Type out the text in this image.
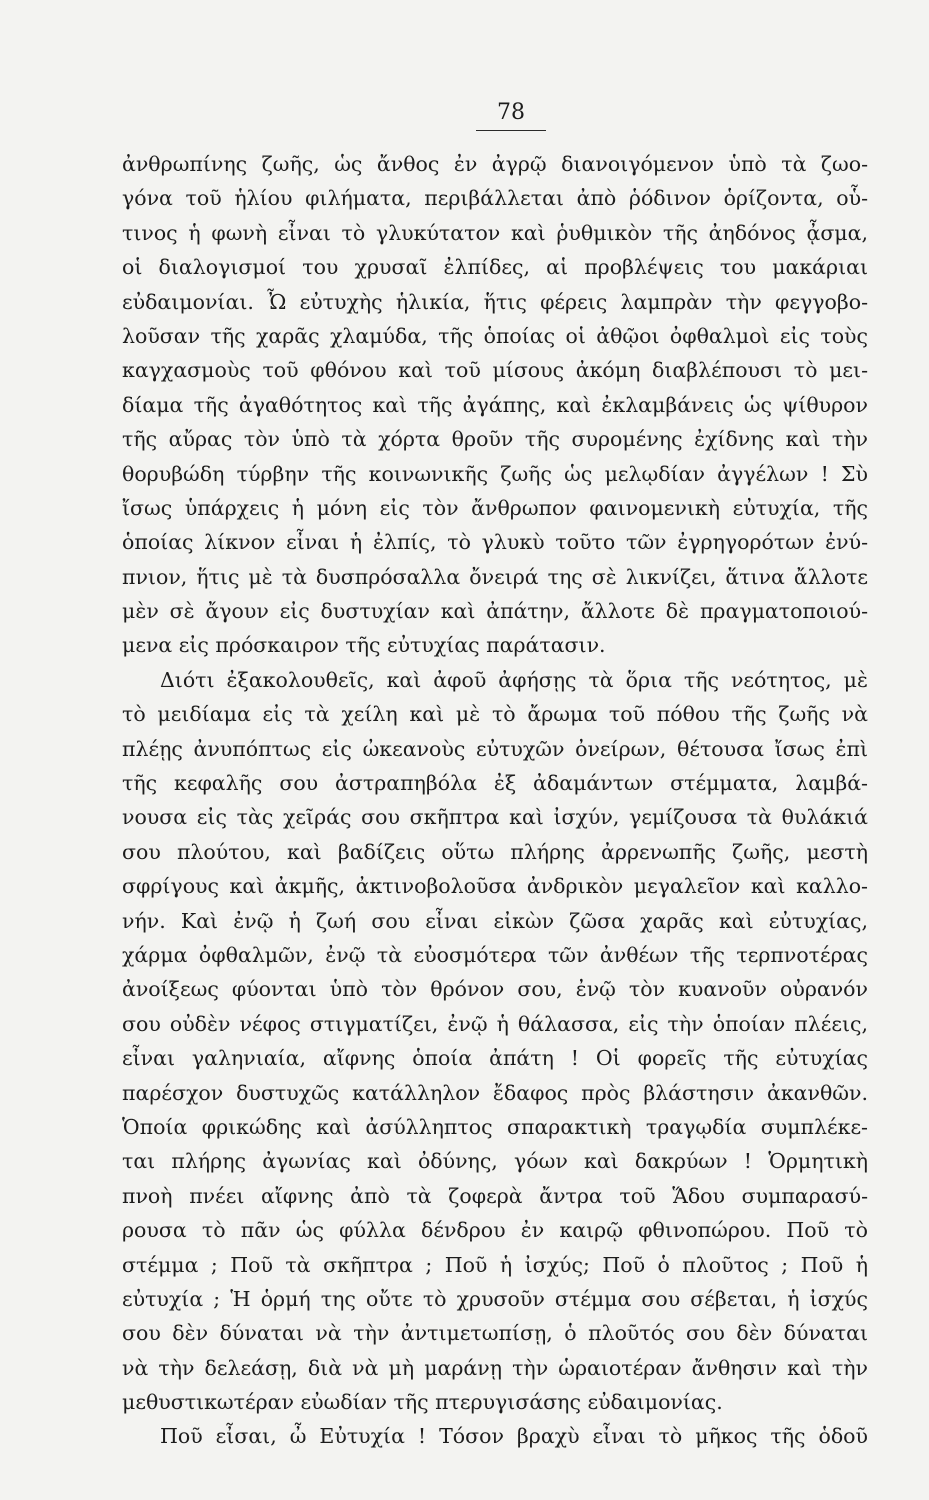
78
ἀνθρωπίνης ζωῆς, ὡς ἄνθος ἐν ἀγρῷ διανοιγόμενον ὑπὸ τὰ ζωο-
γόνα τοῦ ἡλίου φιλήματα, περιβάλλεται ἀπὸ ῥόδινον ὁρίζοντα, οὗ-
τινος ἡ φωνὴ εἶναι τὸ γλυκύτατον καὶ ῥυθμικὸν τῆς ἀηδόνος ᾆσμα,
οἱ διαλογισμοί του χρυσαῖ ἐλπίδες, αἱ προβλέψεις του μακάριαι
εὐδαιμονίαι. Ὦ εὐτυχὴς ἡλικία, ἥτις φέρεις λαμπρὰν τὴν φεγγοβο-
λοῦσαν τῆς χαρᾶς χλαμύδα, τῆς ὁποίας οἱ ἀθῷοι ὀφθαλμοὶ εἰς τοὺς
καγχασμοὺς τοῦ φθόνου καὶ τοῦ μίσους ἀκόμη διαβλέπουσι τὸ μει-
δίαμα τῆς ἀγαθότητος καὶ τῆς ἀγάπης, καὶ ἐκλαμβάνεις ὡς ψίθυρον
τῆς αὔρας τὸν ὑπὸ τὰ χόρτα θροῦν τῆς συρομένης ἐχίδνης καὶ τὴν
θορυβώδη τύρβην τῆς κοινωνικῆς ζωῆς ὡς μελῳδίαν ἀγγέλων ! Σὺ
ἴσως ὑπάρχεις ἡ μόνη εἰς τὸν ἄνθρωπον φαινομενικὴ εὐτυχία, τῆς
ὁποίας λίκνον εἶναι ἡ ἐλπίς, τὸ γλυκὺ τοῦτο τῶν ἐγρηγορότων ἐνύ-
πνιον, ἥτις μὲ τὰ δυσπρόσαλλα ὄνειρά της σὲ λικνίζει, ἅτινα ἄλλοτε
μὲν σὲ ἄγουν εἰς δυστυχίαν καὶ ἀπάτην, ἄλλοτε δὲ πραγματοποιού-
μενα εἰς πρόσκαιρον τῆς εὐτυχίας παράτασιν.
Διότι ἐξακολουθεῖς, καὶ ἀφοῦ ἀφήσῃς τὰ ὅρια τῆς νεότητος, μὲ
τὸ μειδίαμα εἰς τὰ χείλη καὶ μὲ τὸ ἄρωμα τοῦ πόθου τῆς ζωῆς νὰ
πλέῃς ἀνυπόπτως εἰς ὠκεανοὺς εὐτυχῶν ὀνείρων, θέτουσα ἴσως ἐπὶ
τῆς κεφαλῆς σου ἀστραπηβόλα ἐξ ἀδαμάντων στέμματα, λαμβά-
νουσα εἰς τὰς χεῖράς σου σκῆπτρα καὶ ἰσχύν, γεμίζουσα τὰ θυλάκιά
σου πλούτου, καὶ βαδίζεις οὕτω πλήρης ἀρρενωπῆς ζωῆς, μεστὴ
σφρίγους καὶ ἀκμῆς, ἀκτινοβολοῦσα ἀνδρικὸν μεγαλεῖον καὶ καλλο-
νήν. Καὶ ἐνῷ ἡ ζωή σου εἶναι εἰκὼν ζῶσα χαρᾶς καὶ εὐτυχίας,
χάρμα ὀφθαλμῶν, ἐνῷ τὰ εὐοσμότερα τῶν ἀνθέων τῆς τερπνοτέρας
ἀνοίξεως φύονται ὑπὸ τὸν θρόνον σου, ἐνῷ τὸν κυανοῦν οὐρανόν
σου οὐδὲν νέφος στιγματίζει, ἐνῷ ἡ θάλασσα, εἰς τὴν ὁποίαν πλέεις,
εἶναι γαληνιαία, αἴφνης ὁποία ἀπάτη ! Οἱ φορεῖς τῆς εὐτυχίας
παρέσχον δυστυχῶς κατάλληλον ἔδαφος πρὸς βλάστησιν ἀκανθῶν.
Ὁποία φρικώδης καὶ ἀσύλληπτος σπαρακτικὴ τραγῳδία συμπλέκε-
ται πλήρης ἀγωνίας καὶ ὀδύνης, γόων καὶ δακρύων ! Ὁρμητικὴ
πνοὴ πνέει αἴφνης ἀπὸ τὰ ζοφερὰ ἄντρα τοῦ Ἅδου συμπαρασύ-
ρουσα τὸ πᾶν ὡς φύλλα δένδρου ἐν καιρῷ φθινοπώρου. Ποῦ τὸ
στέμμα ; Ποῦ τὰ σκῆπτρα ; Ποῦ ἡ ἰσχύς; Ποῦ ὁ πλοῦτος ; Ποῦ ἡ
εὐτυχία ; Ἡ ὁρμή της οὔτε τὸ χρυσοῦν στέμμα σου σέβεται, ἡ ἰσχύς
σου δὲν δύναται νὰ τὴν ἀντιμετωπίσῃ, ὁ πλοῦτός σου δὲν δύναται
νὰ τὴν δελεάσῃ, διὰ νὰ μὴ μαράνῃ τὴν ὡραιοτέραν ἄνθησιν καὶ τὴν
μεθυστικωτέραν εὐωδίαν τῆς πτερυγισάσης εὐδαιμονίας.
Ποῦ εἶσαι, ὦ Εὐτυχία ! Τόσον βραχὺ εἶναι τὸ μῆκος τῆς ὁδοῦ
